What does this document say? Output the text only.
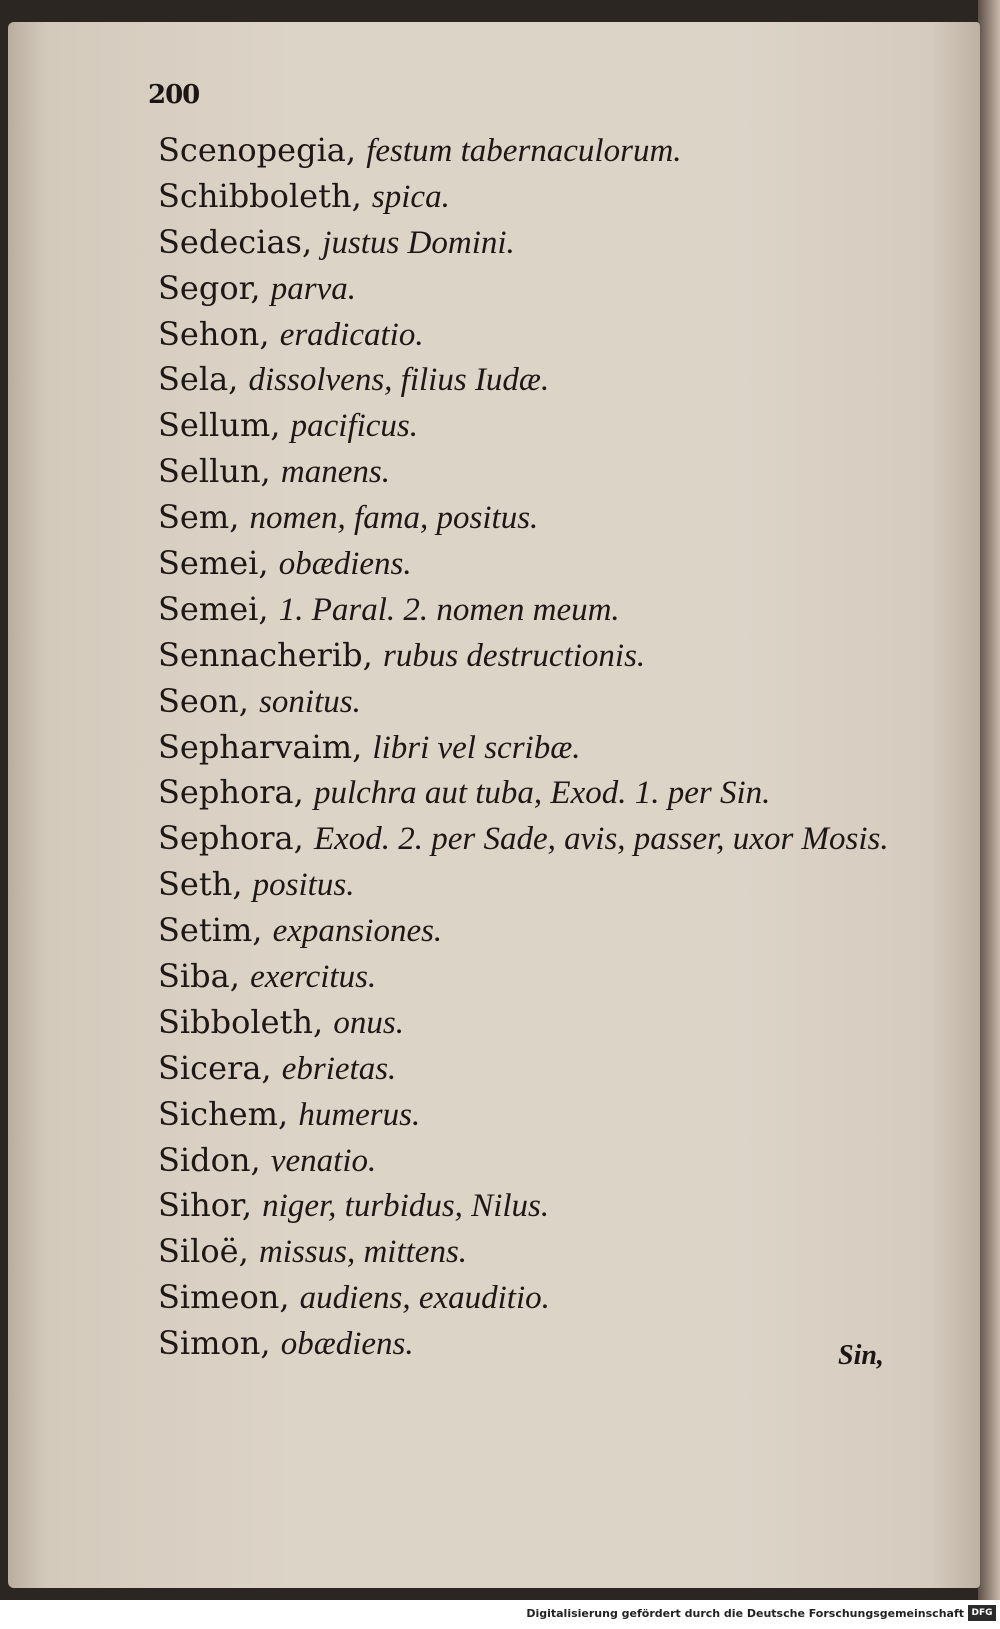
200
Scenopegia, festum tabernaculorum.
Schibboleth, spica.
Sedecias, justus Domini.
Segor, parva.
Sehon, eradicatio.
Sela, dissolvens, filius Iudæ.
Sellum, pacificus.
Sellun, manens.
Sem, nomen, fama, positus.
Semei, obædiens.
Semei, 1. Paral. 2. nomen meum.
Sennacherib, rubus destructionis.
Seon, sonitus.
Sepharvaim, libri vel scribæ.
Sephora, pulchra aut tuba, Exod. 1. per Sin.
Sephora, Exod. 2. per Sade, avis, passer, uxor Mosis.
Seth, positus.
Setim, expansiones.
Siba, exercitus.
Sibboleth, onus.
Sicera, ebrietas.
Sichem, humerus.
Sidon, venatio.
Sihor, niger, turbidus, Nilus.
Siloë, missus, mittens.
Simeon, audiens, exauditio.
Simon, obædiens.	Sin,
Digitalisierung gefördert durch die Deutsche Forschungsgemeinschaft DFG
